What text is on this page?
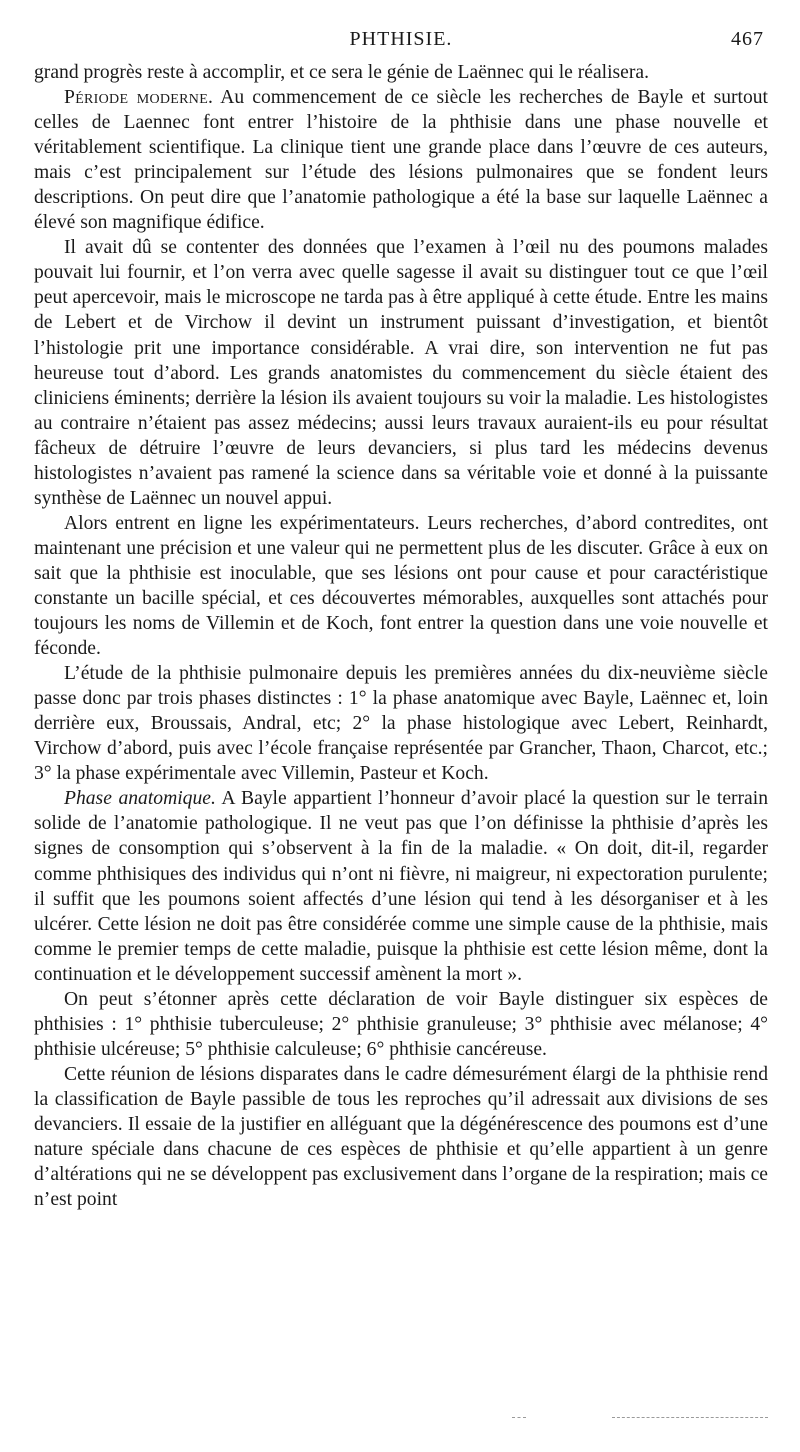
PHTHISIE.	467

grand progrès reste à accomplir, et ce sera le génie de Laënnec qui le réalisera.

Période moderne. Au commencement de ce siècle les recherches de Bayle et surtout celles de Laennec font entrer l’histoire de la phthisie dans une phase nouvelle et véritablement scientifique. La clinique tient une grande place dans l’œuvre de ces auteurs, mais c’est principalement sur l’étude des lésions pulmonaires que se fondent leurs descriptions. On peut dire que l’anatomie pathologique a été la base sur laquelle Laënnec a élevé son magnifique édifice.

Il avait dû se contenter des données que l’examen à l’œil nu des poumons malades pouvait lui fournir, et l’on verra avec quelle sagesse il avait su distinguer tout ce que l’œil peut apercevoir, mais le microscope ne tarda pas à être appliqué à cette étude. Entre les mains de Lebert et de Virchow il devint un instrument puissant d’investigation, et bientôt l’histologie prit une importance considérable. A vrai dire, son intervention ne fut pas heureuse tout d’abord. Les grands anatomistes du commencement du siècle étaient des cliniciens éminents; derrière la lésion ils avaient toujours su voir la maladie. Les histologistes au contraire n’étaient pas assez médecins; aussi leurs travaux auraient-ils eu pour résultat fâcheux de détruire l’œuvre de leurs devanciers, si plus tard les médecins devenus histologistes n’avaient pas ramené la science dans sa véritable voie et donné à la puissante synthèse de Laënnec un nouvel appui.

Alors entrent en ligne les expérimentateurs. Leurs recherches, d’abord contredites, ont maintenant une précision et une valeur qui ne permettent plus de les discuter. Grâce à eux on sait que la phthisie est inoculable, que ses lésions ont pour cause et pour caractéristique constante un bacille spécial, et ces découvertes mémorables, auxquelles sont attachés pour toujours les noms de Villemin et de Koch, font entrer la question dans une voie nouvelle et féconde.

L’étude de la phthisie pulmonaire depuis les premières années du dix-neuvième siècle passe donc par trois phases distinctes : 1° la phase anatomique avec Bayle, Laënnec et, loin derrière eux, Broussais, Andral, etc; 2° la phase histologique avec Lebert, Reinhardt, Virchow d’abord, puis avec l’école française représentée par Grancher, Thaon, Charcot, etc.; 3° la phase expérimentale avec Villemin, Pasteur et Koch.

Phase anatomique. A Bayle appartient l’honneur d’avoir placé la question sur le terrain solide de l’anatomie pathologique. Il ne veut pas que l’on définisse la phthisie d’après les signes de consomption qui s’observent à la fin de la maladie. « On doit, dit-il, regarder comme phthisiques des individus qui n’ont ni fièvre, ni maigreur, ni expectoration purulente; il suffit que les poumons soient affectés d’une lésion qui tend à les désorganiser et à les ulcérer. Cette lésion ne doit pas être considérée comme une simple cause de la phthisie, mais comme le premier temps de cette maladie, puisque la phthisie est cette lésion même, dont la continuation et le développement successif amènent la mort ».

On peut s’étonner après cette déclaration de voir Bayle distinguer six espèces de phthisies : 1° phthisie tuberculeuse; 2° phthisie granuleuse; 3° phthisie avec mélanose; 4° phthisie ulcéreuse; 5° phthisie calculeuse; 6° phthisie cancéreuse.

Cette réunion de lésions disparates dans le cadre démesurément élargi de la phthisie rend la classification de Bayle passible de tous les reproches qu’il adressait aux divisions de ses devanciers. Il essaie de la justifier en alléguant que la dégénérescence des poumons est d’une nature spéciale dans chacune de ces espèces de phthisie et qu’elle appartient à un genre d’altérations qui ne se développent pas exclusivement dans l’organe de la respiration; mais ce n’est point
